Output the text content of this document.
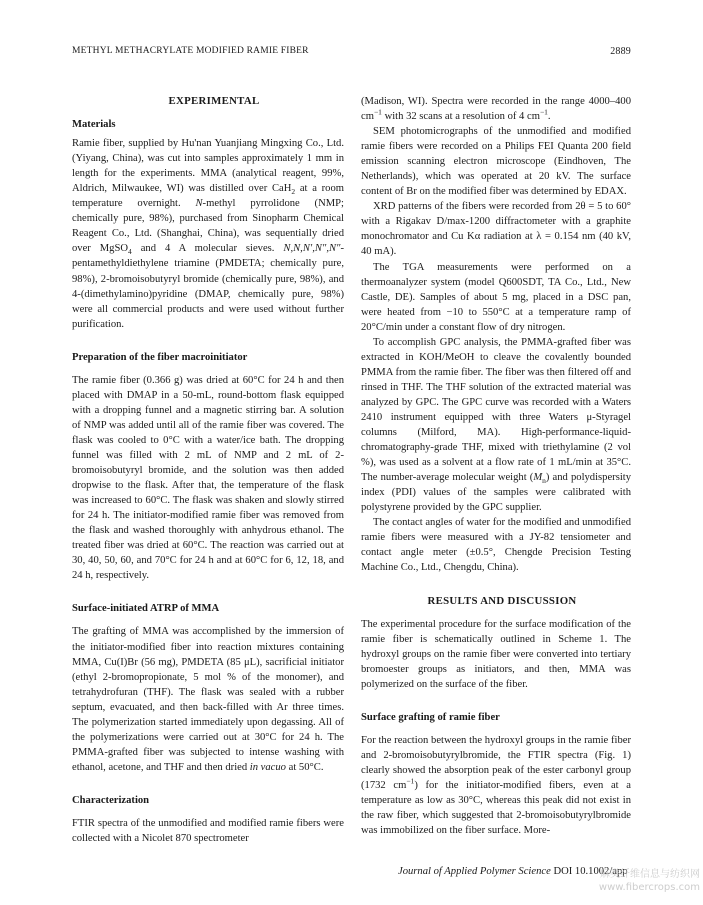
METHYL METHACRYLATE MODIFIED RAMIE FIBER	2889

EXPERIMENTAL

Materials

Ramie fiber, supplied by Hu'nan Yuanjiang Mingxing Co., Ltd. (Yiyang, China), was cut into samples approximately 1 mm in length for the experiments. MMA (analytical reagent, 99%, Aldrich, Milwaukee, WI) was distilled over CaH$_2$ at a room temperature overnight. N-methyl pyrrolidone (NMP; chemically pure, 98%), purchased from Sinopharm Chemical Reagent Co., Ltd. (Shanghai, China), was sequentially dried over MgSO$_4$ and 4 A molecular sieves. N,N,N′,N″,N″-pentamethyldiethylene triamine (PMDETA; chemically pure, 98%), 2-bromoisobutyryl bromide (chemically pure, 98%), and 4-(dimethylamino)pyridine (DMAP, chemically pure, 98%) were all commercial products and were used without further purification.

Preparation of the fiber macroinitiator

The ramie fiber (0.366 g) was dried at 60°C for 24 h and then placed with DMAP in a 50-mL, round-bottom flask equipped with a dropping funnel and a magnetic stirring bar. A solution of NMP was added until all of the ramie fiber was covered. The flask was cooled to 0°C with a water/ice bath. The dropping funnel was filled with 2 mL of NMP and 2 mL of 2-bromoisobutyryl bromide, and the solution was then added dropwise to the flask. After that, the temperature of the flask was increased to 60°C. The flask was shaken and slowly stirred for 24 h. The initiator-modified ramie fiber was removed from the flask and washed thoroughly with anhydrous ethanol. The treated fiber was dried at 60°C. The reaction was carried out at 30, 40, 50, 60, and 70°C for 24 h and at 60°C for 6, 12, 18, and 24 h, respectively.

Surface-initiated ATRP of MMA

The grafting of MMA was accomplished by the immersion of the initiator-modified fiber into reaction mixtures containing MMA, Cu(I)Br (56 mg), PMDETA (85 μL), sacrificial initiator (ethyl 2-bromopropionate, 5 mol % of the monomer), and tetrahydrofuran (THF). The flask was sealed with a rubber septum, evacuated, and then back-filled with Ar three times. The polymerization started immediately upon degassing. All of the polymerizations were carried out at 30°C for 24 h. The PMMA-grafted fiber was subjected to intense washing with ethanol, acetone, and THF and then dried in vacuo at 50°C.

Characterization

FTIR spectra of the unmodified and modified ramie fibers were collected with a Nicolet 870 spectrometer

(Madison, WI). Spectra were recorded in the range 4000–400 $cm^{-1}$ with 32 scans at a resolution of 4 $cm^{-1}$.

SEM photomicrographs of the unmodified and modified ramie fibers were recorded on a Philips FEI Quanta 200 field emission scanning electron microscope (Eindhoven, The Netherlands), which was operated at 20 kV. The surface content of Br on the modified fiber was determined by EDAX.

XRD patterns of the fibers were recorded from 2θ = 5 to 60° with a Rigakav D/max-1200 diffractometer with a graphite monochromator and Cu Kα radiation at λ = 0.154 nm (40 kV, 40 mA).

The TGA measurements were performed on a thermoanalyzer system (model Q600SDT, TA Co., Ltd., New Castle, DE). Samples of about 5 mg, placed in a DSC pan, were heated from −10 to 550°C at a temperature ramp of 20°C/min under a constant flow of dry nitrogen.

To accomplish GPC analysis, the PMMA-grafted fiber was extracted in KOH/MeOH to cleave the covalently bounded PMMA from the ramie fiber. The fiber was then filtered off and rinsed in THF. The THF solution of the extracted material was analyzed by GPC. The GPC curve was recorded with a Waters 2410 instrument equipped with three Waters μ-Styragel columns (Milford, MA). High-performance-liquid-chromatography-grade THF, mixed with triethylamine (2 vol %), was used as a solvent at a flow rate of 1 mL/min at 35°C. The number-average molecular weight $(M_n)$ and polydispersity index (PDI) values of the samples were calibrated with polystyrene provided by the GPC supplier.

The contact angles of water for the modified and unmodified ramie fibers were measured with a JY-82 tensiometer and contact angle meter (±0.5°, Chengde Precision Testing Machine Co., Ltd., Chengdu, China).

RESULTS AND DISCUSSION

The experimental procedure for the surface modification of the ramie fiber is schematically outlined in Scheme 1. The hydroxyl groups on the ramie fiber were converted into tertiary bromoester groups as initiators, and then, MMA was polymerized on the surface of the fiber.

Surface grafting of ramie fiber

For the reaction between the hydroxyl groups in the ramie fiber and 2-bromoisobutyrylbromide, the FTIR spectra (Fig. 1) clearly showed the absorption peak of the ester carbonyl group (1732 $cm^{-1}$) for the initiator-modified fibers, even at a temperature as low as 30°C, whereas this peak did not exist in the raw fiber, which suggested that 2-bromoisobutyrylbromide was immobilized on the fiber surface. More-

Journal of Applied Polymer Science DOI 10.1002/app
麻类纤维信息与纺织网
www.fibercrops.com
